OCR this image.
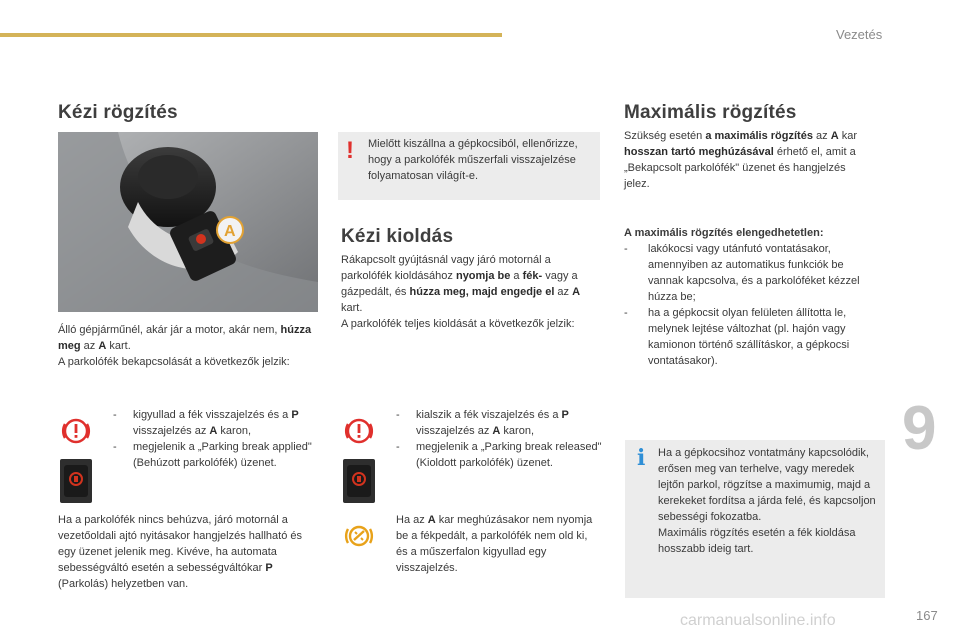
Vezetés
Kézi rögzítés
A
Álló gépjárműnél, akár jár a motor, akár nem, húzza meg az A kart.
A parkolófék bekapcsolását a következők jelzik:
- kigyullad a fék visszajelzés és a P visszajelzés az A karon,
- megjelenik a „Parking break applied" (Behúzott parkolófék) üzenet.
Ha a parkolófék nincs behúzva, járó motornál a vezetőoldali ajtó nyitásakor hangjelzés hallható és egy üzenet jelenik meg. Kivéve, ha automata sebességváltó esetén a sebességváltókar P (Parkolás) helyzetben van.
! Mielőtt kiszállna a gépkocsiból, ellenőrizze, hogy a parkolófék műszerfali visszajelzése folyamatosan világít-e.
Kézi kioldás
Rákapcsolt gyújtásnál vagy járó motornál a parkolófék kioldásához nyomja be a fék- vagy a gázpedált, és húzza meg, majd engedje el az A kart.
A parkolófék teljes kioldását a következők jelzik:
- kialszik a fék viszajelzés és a P visszajelzés az A karon,
- megjelenik a „Parking break released" (Kioldott parkolófék) üzenet.
Ha az A kar meghúzásakor nem nyomja be a fékpedált, a parkolófék nem old ki, és a műszerfalon kigyullad egy visszajelzés.
Maximális rögzítés
Szükség esetén a maximális rögzítés az A kar hosszan tartó meghúzásával érhető el, amit a „Bekapcsolt parkolófék" üzenet és hangjelzés jelez.
A maximális rögzítés elengedhetetlen:
- lakókocsi vagy utánfutó vontatásakor, amennyiben az automatikus funkciók be vannak kapcsolva, és a parkolóféket kézzel húzza be;
- ha a gépkocsit olyan felületen állította le, melynek lejtése változhat (pl. hajón vagy kamionon történő szállításkor, a gépkocsi vontatásakor).
i Ha a gépkocsihoz vontatmány kapcsolódik, erősen meg van terhelve, vagy meredek lejtőn parkol, rögzítse a maximumig, majd a kerekeket fordítsa a járda felé, és kapcsoljon sebességi fokozatba.
Maximális rögzítés esetén a fék kioldása hosszabb ideig tart.
9
carmanualsonline.info	167
